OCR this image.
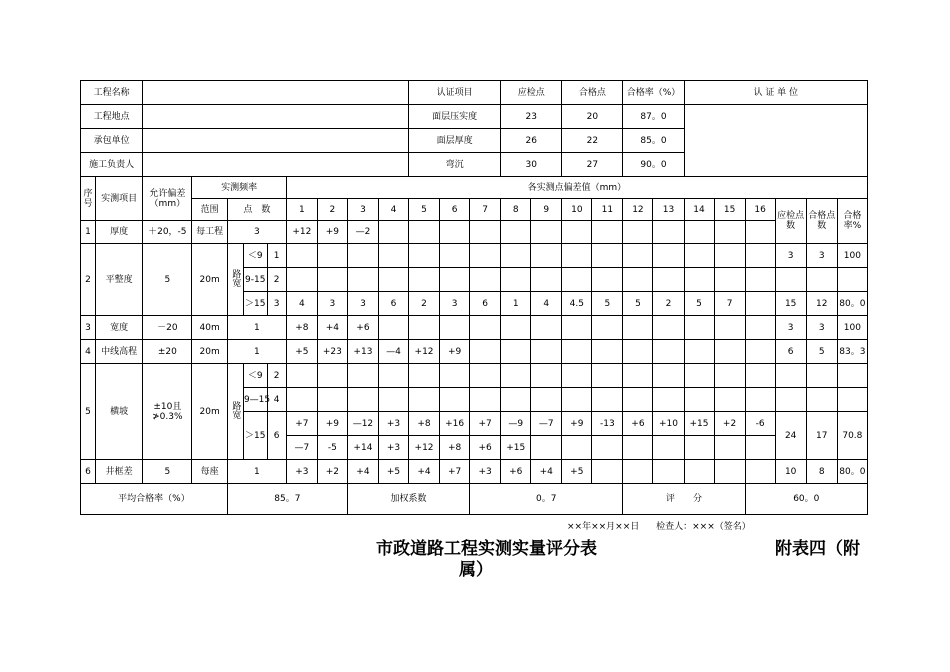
工程名称											认证项目			应检点		合格点		合格率（%）		认 证 单 位					
工程地点											面层压实度			23		20		87。0							
承包单位											面层厚度			26		22		85。0							
施工负责人											弯沉			30		27		90。0							
序号	实测项目	允许偏差（mm）	实测频率				各实测点偏差值（mm）																		
			范围	点　数			1	2	3	4	5	6	7	8	9	10	11	12	13	14	15	16	应检点数	合格点数	合格率%
1	厚度	＋20，-5	每工程	3			+12	+9	—2																
2	平整度	5	20m	路宽	＜9	1																	3	3	100
					9-15	2																			
					＞15	3	4	3	3	6	2	3	6	1	4	4.5	5	5	2	5	7		15	12	80。0
3	宽度	－20	40m	1			+8	+4	+6														3	3	100
4	中线高程	±20	20m	1			+5	+23	+13	—4	+12	+9											6	5	83。3
5	横坡	±10且≯0.3%	20m	路宽	＜9	2																			
					9—15	4																			
					＞15	6	+7	+9	—12	+3	+8	+16	+7	—9	—7	+9	-13	+6	+10	+15	+2	-6	24	17	70.8
							—7	-5	+14	+3	+12	+8	+6	+15											
6	井框差	5	每座	1			+3	+2	+4	+5	+4	+7	+3	+6	+4	+5							10	8	80。0
平均合格率（%）				85。7					加权系数				0。7					评　　分				60。0			
××年××月××日 检查人：×××（签名）
市政道路工程实测实量评分表	附表四（附
属）
